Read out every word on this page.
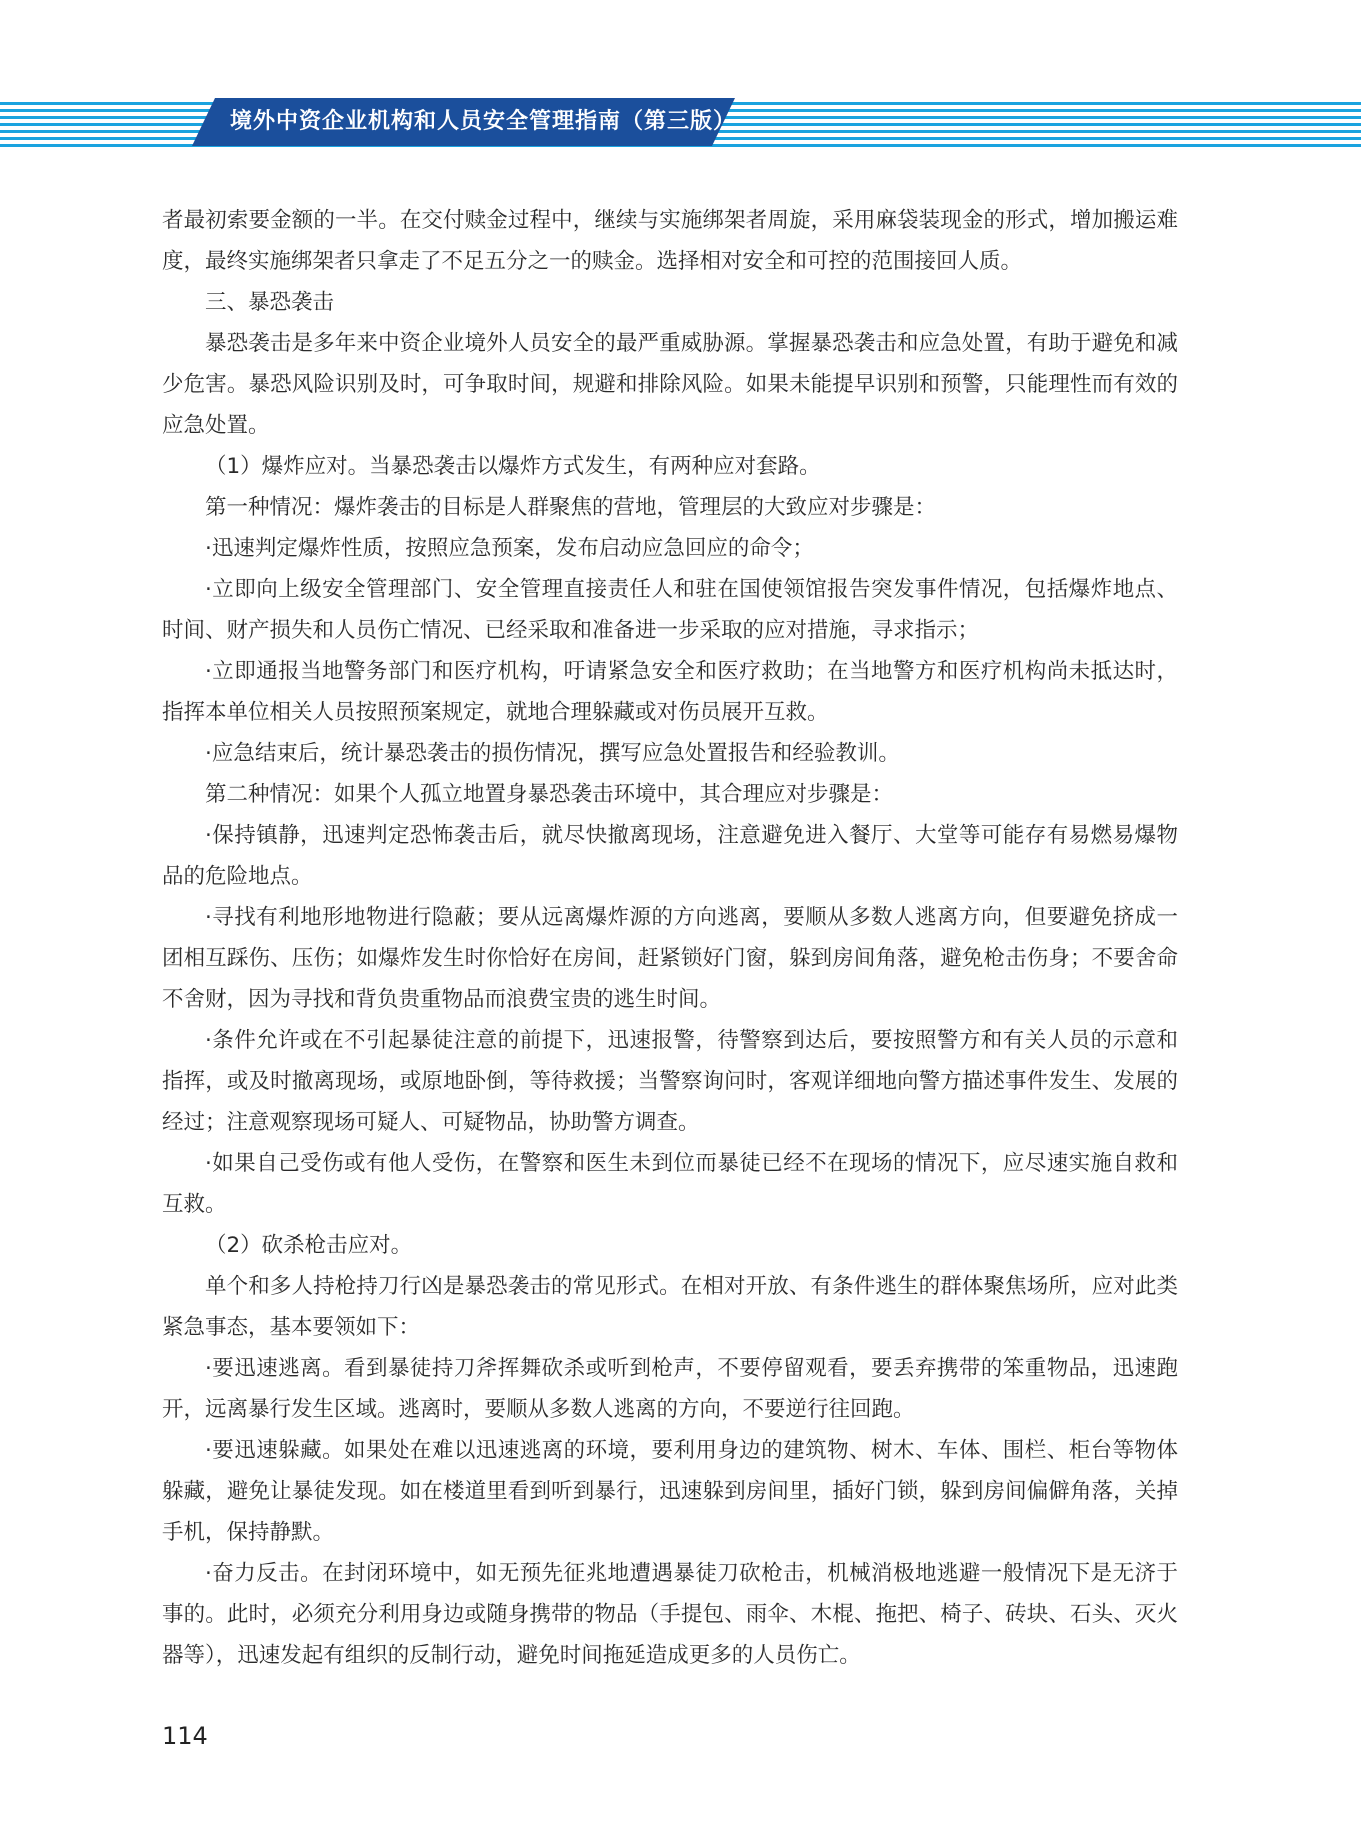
境外中资企业机构和人员安全管理指南（第三版）

者最初索要金额的一半。在交付赎金过程中，继续与实施绑架者周旋，采用麻袋装现金的形式，增加搬运难度，最终实施绑架者只拿走了不足五分之一的赎金。选择相对安全和可控的范围接回人质。

三、暴恐袭击

暴恐袭击是多年来中资企业境外人员安全的最严重威胁源。掌握暴恐袭击和应急处置，有助于避免和减少危害。暴恐风险识别及时，可争取时间，规避和排除风险。如果未能提早识别和预警，只能理性而有效的应急处置。

（1）爆炸应对。当暴恐袭击以爆炸方式发生，有两种应对套路。

第一种情况：爆炸袭击的目标是人群聚焦的营地，管理层的大致应对步骤是：

·迅速判定爆炸性质，按照应急预案，发布启动应急回应的命令；

·立即向上级安全管理部门、安全管理直接责任人和驻在国使领馆报告突发事件情况，包括爆炸地点、时间、财产损失和人员伤亡情况、已经采取和准备进一步采取的应对措施，寻求指示；

·立即通报当地警务部门和医疗机构，吁请紧急安全和医疗救助；在当地警方和医疗机构尚未抵达时，指挥本单位相关人员按照预案规定，就地合理躲藏或对伤员展开互救。

·应急结束后，统计暴恐袭击的损伤情况，撰写应急处置报告和经验教训。

第二种情况：如果个人孤立地置身暴恐袭击环境中，其合理应对步骤是：

·保持镇静，迅速判定恐怖袭击后，就尽快撤离现场，注意避免进入餐厅、大堂等可能存有易燃易爆物品的危险地点。

·寻找有利地形地物进行隐蔽；要从远离爆炸源的方向逃离，要顺从多数人逃离方向，但要避免挤成一团相互踩伤、压伤；如爆炸发生时你恰好在房间，赶紧锁好门窗，躲到房间角落，避免枪击伤身；不要舍命不舍财，因为寻找和背负贵重物品而浪费宝贵的逃生时间。

·条件允许或在不引起暴徒注意的前提下，迅速报警，待警察到达后，要按照警方和有关人员的示意和指挥，或及时撤离现场，或原地卧倒，等待救援；当警察询问时，客观详细地向警方描述事件发生、发展的经过；注意观察现场可疑人、可疑物品，协助警方调查。

·如果自己受伤或有他人受伤，在警察和医生未到位而暴徒已经不在现场的情况下，应尽速实施自救和互救。

（2）砍杀枪击应对。

单个和多人持枪持刀行凶是暴恐袭击的常见形式。在相对开放、有条件逃生的群体聚焦场所，应对此类紧急事态，基本要领如下：

·要迅速逃离。看到暴徒持刀斧挥舞砍杀或听到枪声，不要停留观看，要丢弃携带的笨重物品，迅速跑开，远离暴行发生区域。逃离时，要顺从多数人逃离的方向，不要逆行往回跑。

·要迅速躲藏。如果处在难以迅速逃离的环境，要利用身边的建筑物、树木、车体、围栏、柜台等物体躲藏，避免让暴徒发现。如在楼道里看到听到暴行，迅速躲到房间里，插好门锁，躲到房间偏僻角落，关掉手机，保持静默。

·奋力反击。在封闭环境中，如无预先征兆地遭遇暴徒刀砍枪击，机械消极地逃避一般情况下是无济于事的。此时，必须充分利用身边或随身携带的物品（手提包、雨伞、木棍、拖把、椅子、砖块、石头、灭火器等），迅速发起有组织的反制行动，避免时间拖延造成更多的人员伤亡。

114
